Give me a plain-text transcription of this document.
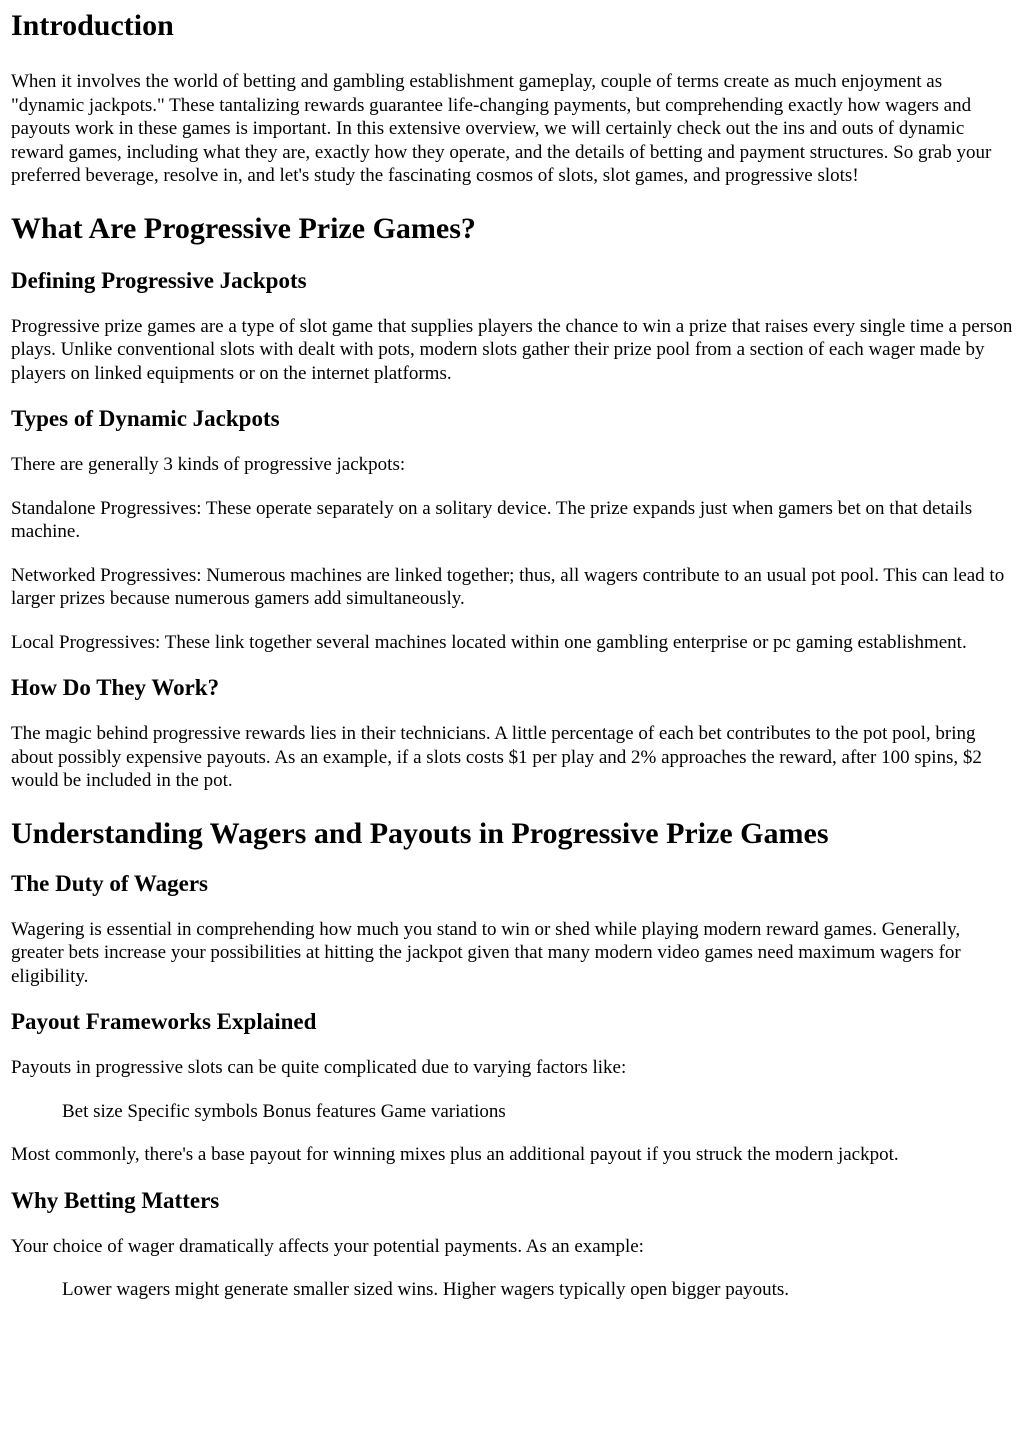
Introduction

When it involves the world of betting and gambling establishment gameplay, couple of terms create as much enjoyment as "dynamic jackpots." These tantalizing rewards guarantee life-changing payments, but comprehending exactly how wagers and payouts work in these games is important. In this extensive overview, we will certainly check out the ins and outs of dynamic reward games, including what they are, exactly how they operate, and the details of betting and payment structures. So grab your preferred beverage, resolve in, and let's study the fascinating cosmos of slots, slot games, and progressive slots!

What Are Progressive Prize Games?
Defining Progressive Jackpots

Progressive prize games are a type of slot game that supplies players the chance to win a prize that raises every single time a person plays. Unlike conventional slots with dealt with pots, modern slots gather their prize pool from a section of each wager made by players on linked equipments or on the internet platforms.

Types of Dynamic Jackpots

There are generally 3 kinds of progressive jackpots:

Standalone Progressives: These operate separately on a solitary device. The prize expands just when gamers bet on that details machine.

Networked Progressives: Numerous machines are linked together; thus, all wagers contribute to an usual pot pool. This can lead to larger prizes because numerous gamers add simultaneously.

Local Progressives: These link together several machines located within one gambling enterprise or pc gaming establishment.

How Do They Work?

The magic behind progressive rewards lies in their technicians. A little percentage of each bet contributes to the pot pool, bring about possibly expensive payouts. As an example, if a slots costs $1 per play and 2% approaches the reward, after 100 spins, $2 would be included in the pot.

Understanding Wagers and Payouts in Progressive Prize Games
The Duty of Wagers

Wagering is essential in comprehending how much you stand to win or shed while playing modern reward games. Generally, greater bets increase your possibilities at hitting the jackpot given that many modern video games need maximum wagers for eligibility.

Payout Frameworks Explained

Payouts in progressive slots can be quite complicated due to varying factors like:

Bet size Specific symbols Bonus features Game variations

Most commonly, there's a base payout for winning mixes plus an additional payout if you struck the modern jackpot.

Why Betting Matters

Your choice of wager dramatically affects your potential payments. As an example:

Lower wagers might generate smaller sized wins. Higher wagers typically open bigger payouts.
